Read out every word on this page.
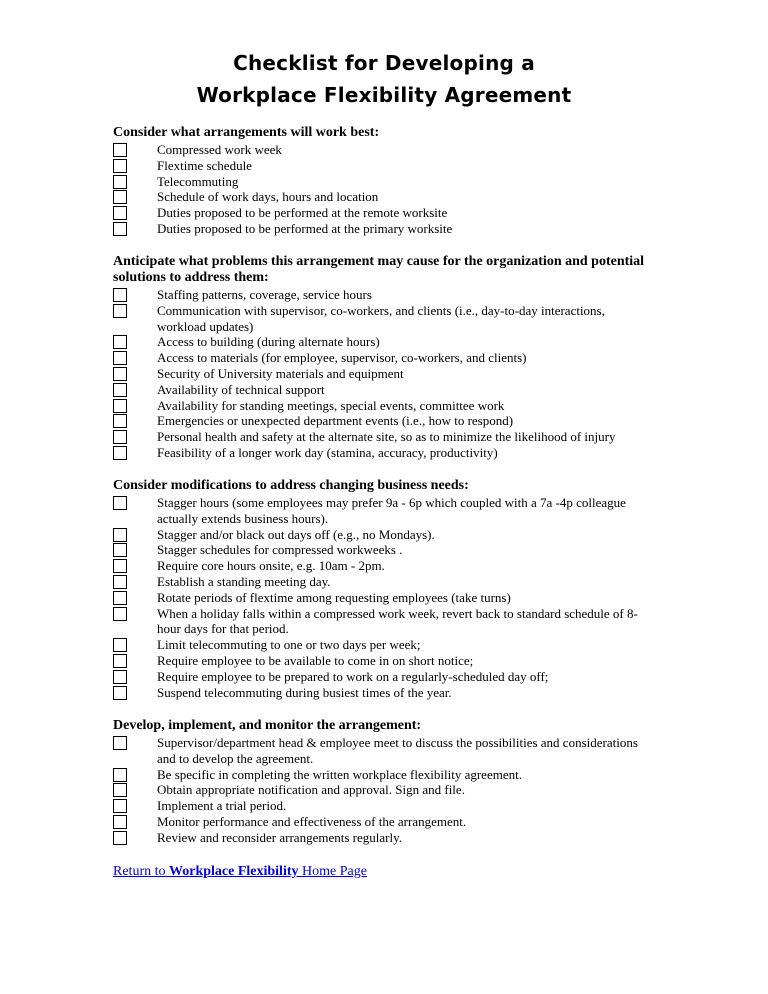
Checklist for Developing a
Workplace Flexibility Agreement
Consider what arrangements will work best:
Compressed work week
Flextime schedule
Telecommuting
Schedule of work days, hours and location
Duties proposed to be performed at the remote worksite
Duties proposed to be performed at the primary worksite
Anticipate what problems this arrangement may cause for the organization and potential solutions to address them:
Staffing patterns, coverage, service hours
Communication with supervisor, co-workers, and clients (i.e., day-to-day interactions, workload updates)
Access to building (during alternate hours)
Access to materials (for employee, supervisor, co-workers, and clients)
Security of University materials and equipment
Availability of technical support
Availability for standing meetings, special events, committee work
Emergencies or unexpected department events (i.e., how to respond)
Personal health and safety at the alternate site, so as to minimize the likelihood of injury
Feasibility of a longer work day (stamina, accuracy, productivity)
Consider modifications to address changing business needs:
Stagger hours (some employees may prefer 9a - 6p which coupled with a 7a -4p colleague actually extends business hours).
Stagger and/or black out days off (e.g., no Mondays).
Stagger schedules for compressed workweeks .
Require core hours onsite, e.g. 10am - 2pm.
Establish a standing meeting day.
Rotate periods of flextime among requesting employees (take turns)
When a holiday falls within a compressed work week, revert back to standard schedule of 8-hour days for that period.
Limit telecommuting to one or two days per week;
Require employee to be available to come in on short notice;
Require employee to be prepared to work on a regularly-scheduled day off;
Suspend telecommuting during busiest times of the year.
Develop, implement, and monitor the arrangement:
Supervisor/department head & employee meet to discuss the possibilities and considerations and to develop the agreement.
Be specific in completing the written workplace flexibility agreement.
Obtain appropriate notification and approval. Sign and file.
Implement a trial period.
Monitor performance and effectiveness of the arrangement.
Review and reconsider arrangements regularly.
Return to Workplace Flexibility Home Page
